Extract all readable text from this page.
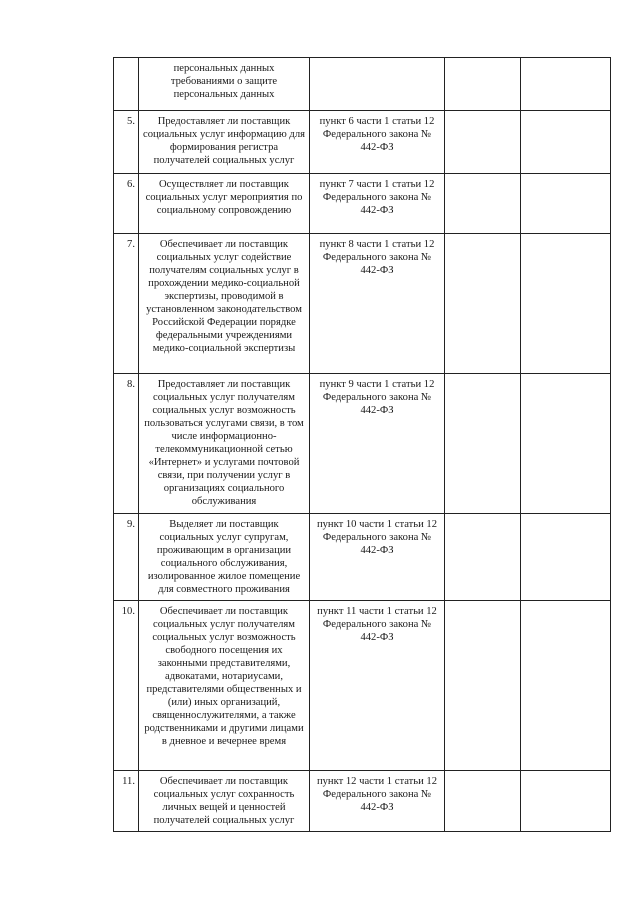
	персональных данных требованиями о защите персональных данных			
5.	Предоставляет ли поставщик социальных услуг информацию для формирования регистра получателей социальных услуг	пункт 6 части 1 статьи 12 Федерального закона № 442-ФЗ		
6.	Осуществляет ли поставщик социальных услуг мероприятия по социальному сопровождению	пункт 7 части 1 статьи 12 Федерального закона № 442-ФЗ		
7.	Обеспечивает ли поставщик социальных услуг содействие получателям социальных услуг в прохождении медико-социальной экспертизы, проводимой в установленном законодательством Российской Федерации порядке федеральными учреждениями медико-социальной экспертизы	пункт 8 части 1 статьи 12 Федерального закона № 442-ФЗ		
8.	Предоставляет ли поставщик социальных услуг получателям социальных услуг возможность пользоваться услугами связи, в том числе информационно-телекоммуникационной сетью «Интернет» и услугами почтовой связи, при получении услуг в организациях социального обслуживания	пункт 9 части 1 статьи 12 Федерального закона № 442-ФЗ		
9.	Выделяет ли поставщик социальных услуг супругам, проживающим в организации социального обслуживания, изолированное жилое помещение для совместного проживания	пункт 10 части 1 статьи 12 Федерального закона № 442-ФЗ		
10.	Обеспечивает ли поставщик социальных услуг получателям социальных услуг возможность свободного посещения их законными представителями, адвокатами, нотариусами, представителями общественных и (или) иных организаций, священнослужителями, а также родственниками и другими лицами в дневное и вечернее время	пункт 11 части 1 статьи 12 Федерального закона № 442-ФЗ		
11.	Обеспечивает ли поставщик социальных услуг сохранность личных вещей и ценностей получателей социальных услуг	пункт 12 части 1 статьи 12 Федерального закона № 442-ФЗ		
